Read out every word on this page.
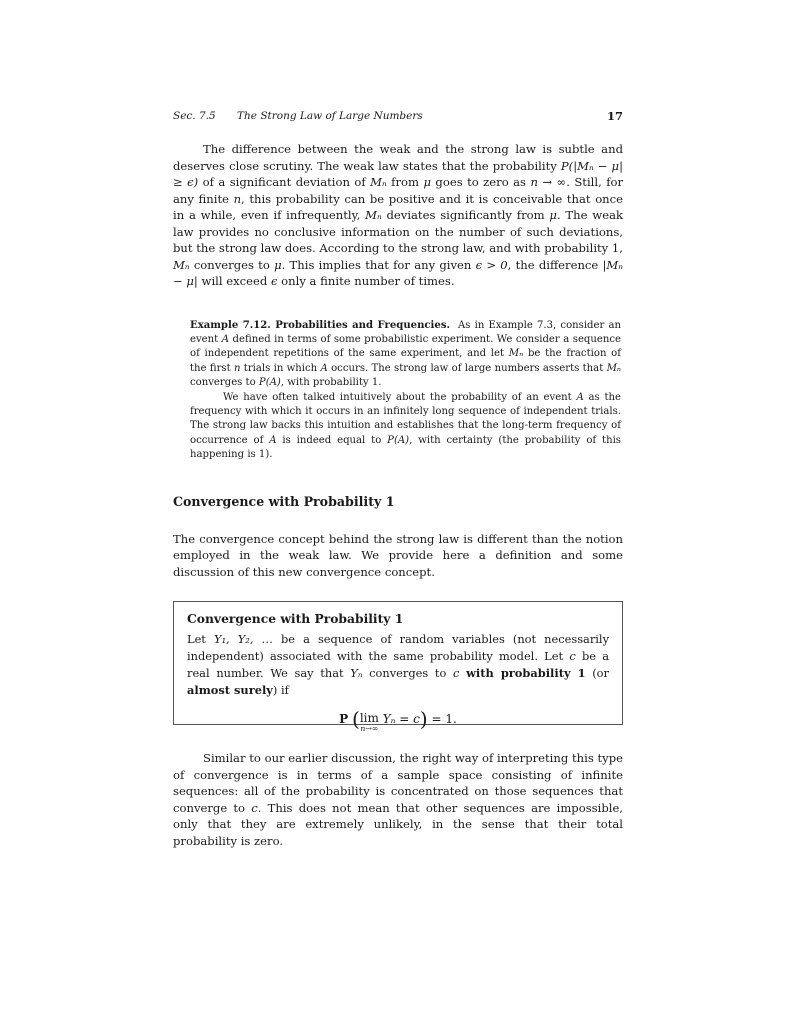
Sec. 7.5 The Strong Law of Large Numbers	17

The difference between the weak and the strong law is subtle and deserves close scrutiny. The weak law states that the probability P(|Mₙ − μ| ≥ ϵ) of a significant deviation of Mₙ from μ goes to zero as n → ∞. Still, for any finite n, this probability can be positive and it is conceivable that once in a while, even if infrequently, Mₙ deviates significantly from μ. The weak law provides no conclusive information on the number of such deviations, but the strong law does. According to the strong law, and with probability 1, Mₙ converges to μ. This implies that for any given ϵ > 0, the difference |Mₙ − μ| will exceed ϵ only a finite number of times.

Example 7.12. Probabilities and Frequencies. As in Example 7.3, consider an event A defined in terms of some probabilistic experiment. We consider a sequence of independent repetitions of the same experiment, and let Mₙ be the fraction of the first n trials in which A occurs. The strong law of large numbers asserts that Mₙ converges to P(A), with probability 1.

We have often talked intuitively about the probability of an event A as the frequency with which it occurs in an infinitely long sequence of independent trials. The strong law backs this intuition and establishes that the long-term frequency of occurrence of A is indeed equal to P(A), with certainty (the probability of this happening is 1).

Convergence with Probability 1

The convergence concept behind the strong law is different than the notion employed in the weak law. We provide here a definition and some discussion of this new convergence concept.

Convergence with Probability 1

Let Y₁, Y₂, … be a sequence of random variables (not necessarily independent) associated with the same probability model. Let c be a real number. We say that Yₙ converges to c with probability 1 (or almost surely) if

P (lim
n→∞
Yₙ = c) = 1.

Similar to our earlier discussion, the right way of interpreting this type of convergence is in terms of a sample space consisting of infinite sequences: all of the probability is concentrated on those sequences that converge to c. This does not mean that other sequences are impossible, only that they are extremely unlikely, in the sense that their total probability is zero.
